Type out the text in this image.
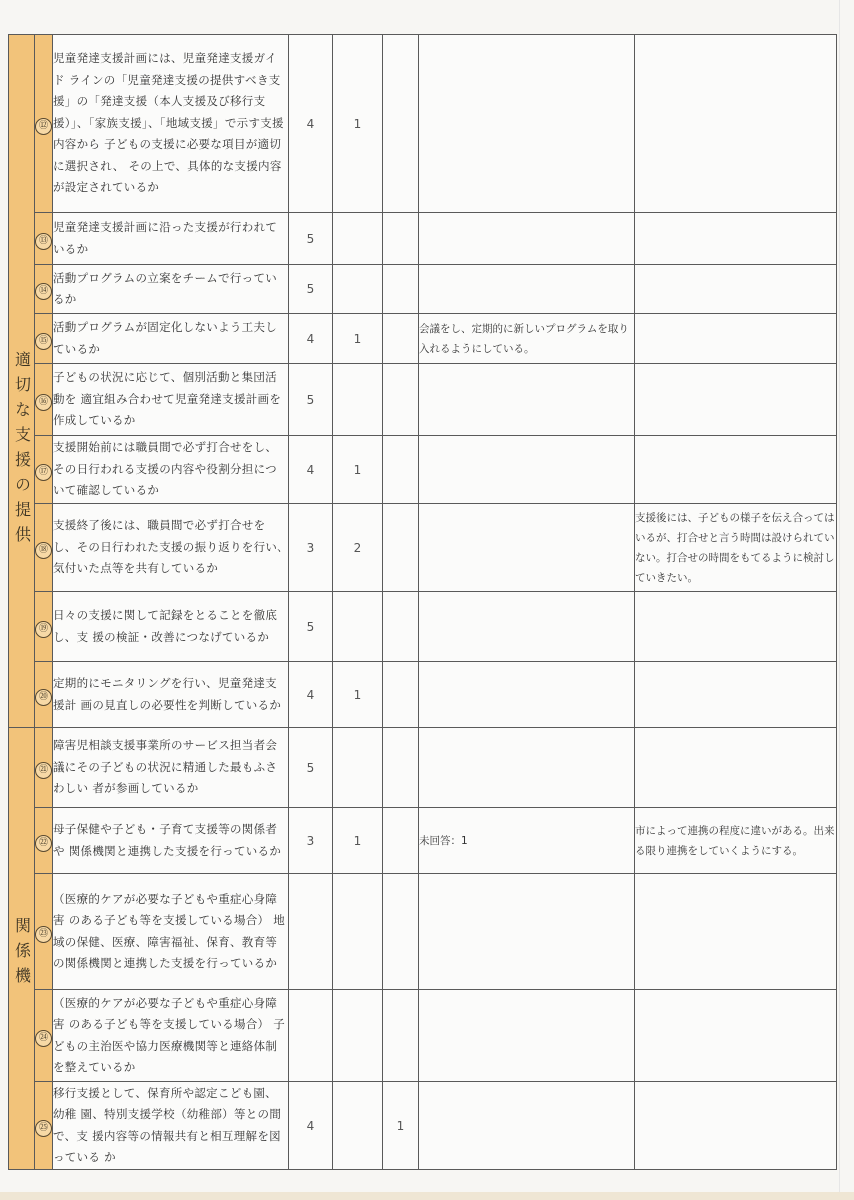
適切な支援の提供	⑫	児童発達支援計画には、児童発達支援ガイド ラインの「児童発達支援の提供すべき支援」の「発達支援（本人支援及び移行支援）」、「家族支援」、「地域支援」で示す支援内容から 子どもの支援に必要な項目が適切に選択され、 その上で、具体的な支援内容が設定されているか	4	1			
	⑬	児童発達支援計画に沿った支援が行われているか	5				
	⑭	活動プログラムの立案をチームで行っているか	5				
	⑮	活動プログラムが固定化しないよう工夫しているか	4	1		会議をし、定期的に新しいプログラムを取り入れるようにしている。	
	⑯	子どもの状況に応じて、個別活動と集団活動を 適宜組み合わせて児童発達支援計画を作成しているか	5				
	⑰	支援開始前には職員間で必ず打合せをし、その日行われる支援の内容や役割分担について確認しているか	4	1			
	⑱	支援終了後には、職員間で必ず打合せをし、その日行われた支援の振り返りを行い､気付いた点等を共有しているか	3	2			支援後には、子どもの様子を伝え合ってはいるが、打合せと言う時間は設けられていない。打合せの時間をもてるように検討していきたい。
	⑲	日々の支援に関して記録をとることを徹底し、支 援の検証・改善につなげているか	5				
	⑳	定期的にモニタリングを行い、児童発達支援計 画の見直しの必要性を判断しているか	4	1			

関係機	㉑	障害児相談支援事業所のサービス担当者会 議にその子どもの状況に精通した最もふさわしい 者が参画しているか	5				
	㉒	母子保健や子ども・子育て支援等の関係者や 関係機関と連携した支援を行っているか	3	1		未回答：1	市によって連携の程度に違いがある。出来る限り連携をしていくようにする。
	㉓	（医療的ケアが必要な子どもや重症心身障害 のある子ども等を支援している場合） 地域の保健、医療、障害福祉、保育、教育等 の関係機関と連携した支援を行っているか					
	㉔	（医療的ケアが必要な子どもや重症心身障害 のある子ども等を支援している場合） 子どもの主治医や協力医療機関等と連絡体制 を整えているか					
	㉕	移行支援として、保育所や認定こども園、幼稚 園、特別支援学校（幼稚部）等との間で、支 援内容等の情報共有と相互理解を図っている か	4		1		
